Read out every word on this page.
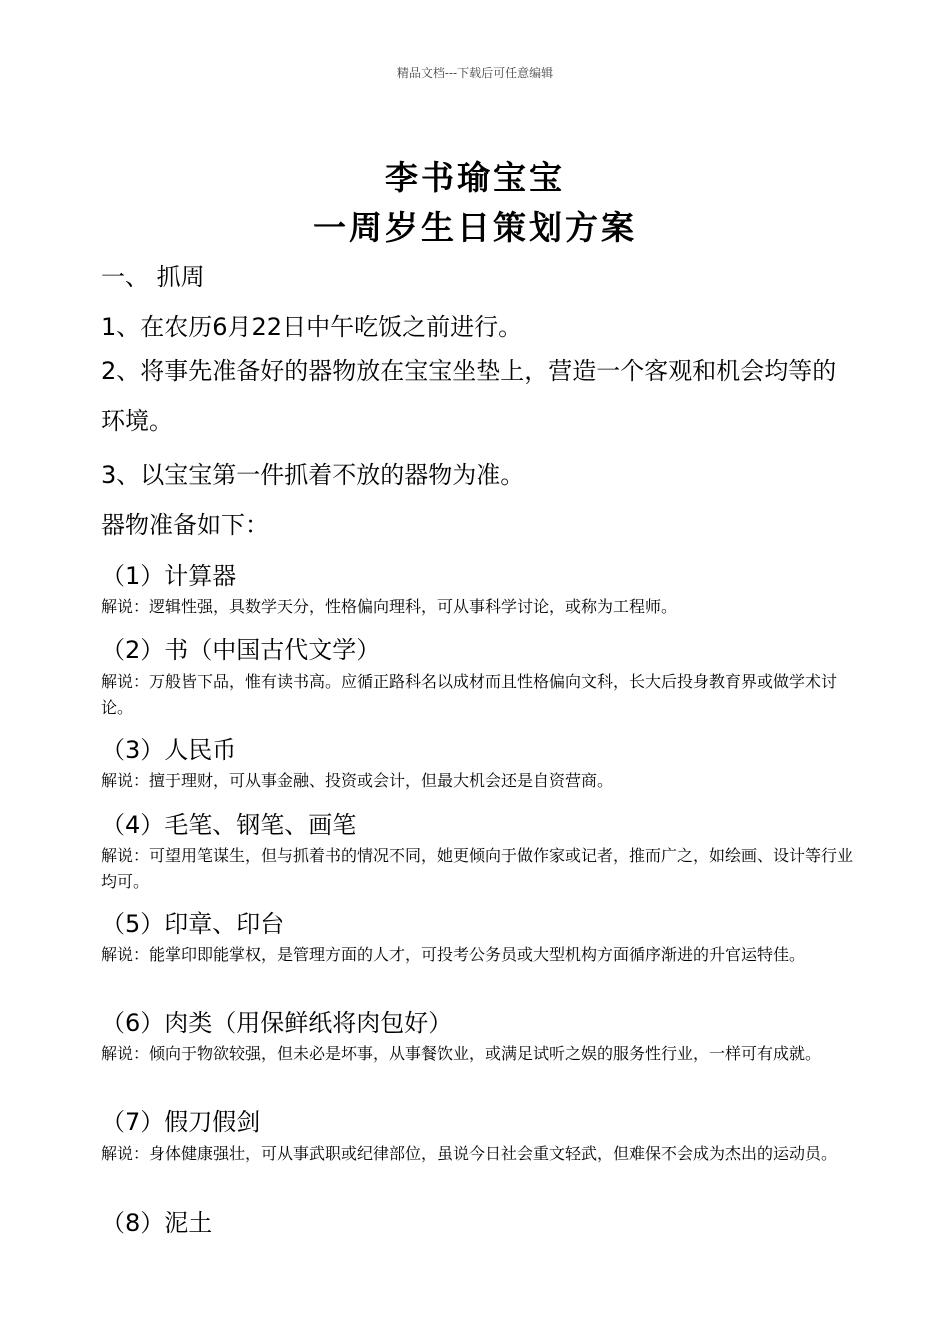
精品文档---下载后可任意编辑
李书瑜宝宝
一周岁生日策划方案
一、 抓周
1、在农历6月22日中午吃饭之前进行。
2、将事先准备好的器物放在宝宝坐垫上，营造一个客观和机会均等的环境。
3、以宝宝第一件抓着不放的器物为准。
器物准备如下：
（1）计算器
解说：逻辑性强，具数学天分，性格偏向理科，可从事科学讨论，或称为工程师。
（2）书（中国古代文学）
解说：万般皆下品，惟有读书高。应循正路科名以成材而且性格偏向文科，长大后投身教育界或做学术讨论。
（3）人民币
解说：擅于理财，可从事金融、投资或会计，但最大机会还是自资营商。
（4）毛笔、钢笔、画笔
解说：可望用笔谋生，但与抓着书的情况不同，她更倾向于做作家或记者，推而广之，如绘画、设计等行业均可。
（5）印章、印台
解说：能掌印即能掌权，是管理方面的人才，可投考公务员或大型机构方面循序渐进的升官运特佳。
（6）肉类（用保鲜纸将肉包好）
解说：倾向于物欲较强，但未必是坏事，从事餐饮业，或满足试听之娱的服务性行业，一样可有成就。
（7）假刀假剑
解说：身体健康强壮，可从事武职或纪律部位，虽说今日社会重文轻武，但难保不会成为杰出的运动员。
（8）泥土
